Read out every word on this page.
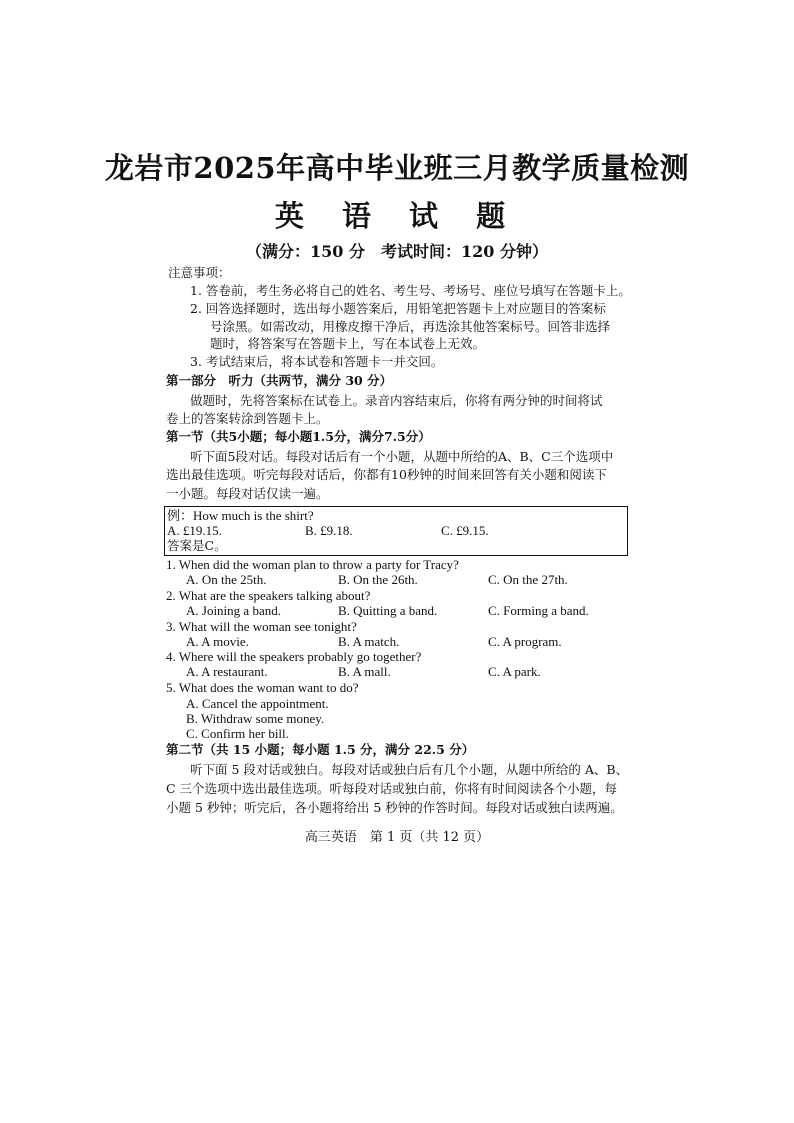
龙岩市2025年高中毕业班三月教学质量检测
英 语 试 题
（满分：150 分　考试时间：120 分钟）
注意事项：
1. 答卷前，考生务必将自己的姓名、考生号、考场号、座位号填写在答题卡上。
2. 回答选择题时，选出每小题答案后，用铅笔把答题卡上对应题目的答案标
号涂黑。如需改动，用橡皮擦干净后，再选涂其他答案标号。回答非选择
题时，将答案写在答题卡上，写在本试卷上无效。
3. 考试结束后，将本试卷和答题卡一并交回。
第一部分　听力（共两节，满分 30 分）
做题时，先将答案标在试卷上。录音内容结束后，你将有两分钟的时间将试
卷上的答案转涂到答题卡上。
第一节（共5小题；每小题1.5分，满分7.5分）
听下面5段对话。每段对话后有一个小题，从题中所给的A、B、C三个选项中
选出最佳选项。听完每段对话后，你都有10秒钟的时间来回答有关小题和阅读下
一小题。每段对话仅读一遍。
例：How much is the shirt?
A. £19.15.	B. £9.18.	C. £9.15.
答案是C。
1. When did the woman plan to throw a party for Tracy?
A. On the 25th.	B. On the 26th.	C. On the 27th.
2. What are the speakers talking about?
A. Joining a band.	B. Quitting a band.	C. Forming a band.
3. What will the woman see tonight?
A. A movie.	B. A match.	C. A program.
4. Where will the speakers probably go together?
A. A restaurant.	B. A mall.	C. A park.
5. What does the woman want to do?
A. Cancel the appointment.
B. Withdraw some money.
C. Confirm her bill.
第二节（共 15 小题；每小题 1.5 分，满分 22.5 分）
听下面 5 段对话或独白。每段对话或独白后有几个小题，从题中所给的 A、B、
C 三个选项中选出最佳选项。听每段对话或独白前，你将有时间阅读各个小题，每
小题 5 秒钟；听完后，各小题将给出 5 秒钟的作答时间。每段对话或独白读两遍。
高三英语　第 1 页（共 12 页）
